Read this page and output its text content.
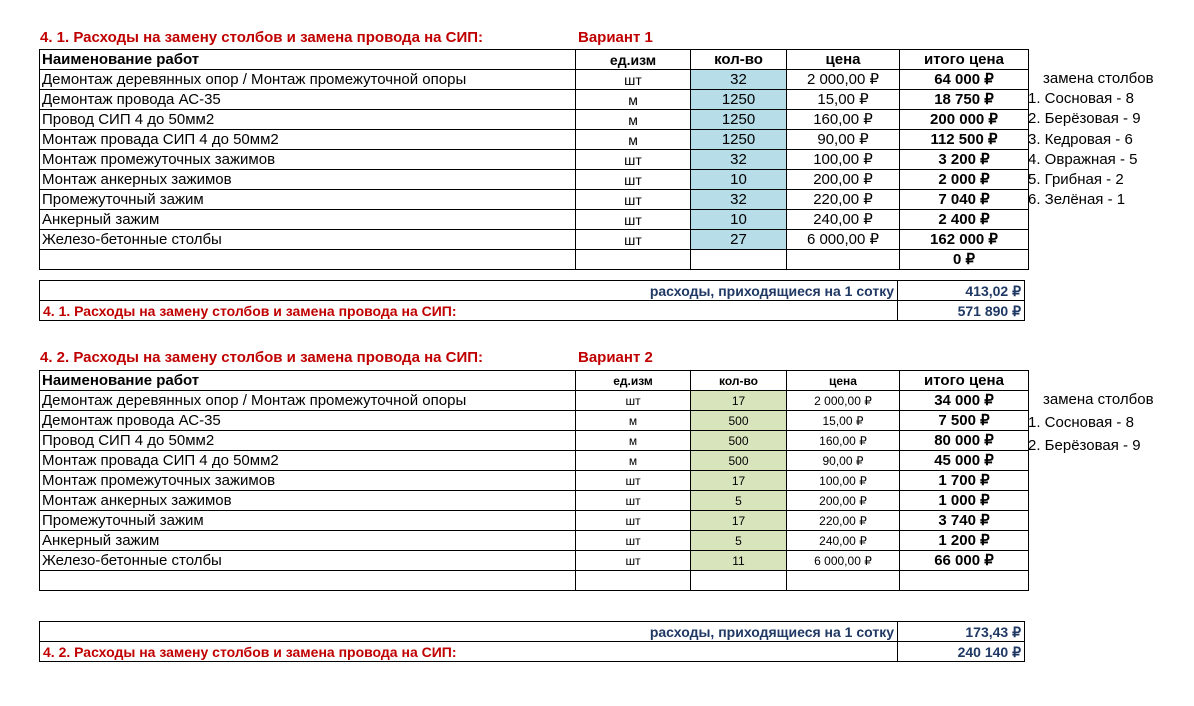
4. 1. Расходы на замену столбов и замена провода на СИП:	Вариант 1
Наименование работ	ед.изм	кол-во	цена	итого цена
Демонтаж деревянных опор / Монтаж промежуточной опоры	шт	32	2 000,00 ₽	64 000 ₽
Демонтаж провода АС-35	м	1250	15,00 ₽	18 750 ₽
Провод СИП 4 до 50мм2	м	1250	160,00 ₽	200 000 ₽
Монтаж провада СИП 4 до 50мм2	м	1250	90,00 ₽	112 500 ₽
Монтаж промежуточных зажимов	шт	32	100,00 ₽	3 200 ₽
Монтаж анкерных зажимов	шт	10	200,00 ₽	2 000 ₽
Промежуточный зажим	шт	32	220,00 ₽	7 040 ₽
Анкерный зажим	шт	10	240,00 ₽	2 400 ₽
Железо-бетонные столбы	шт	27	6 000,00 ₽	162 000 ₽
				0 ₽
замена столбов
1. Сосновая - 8
2. Берёзовая - 9
3. Кедровая - 6
4. Овражная - 5
5. Грибная - 2
6. Зелёная - 1
расходы, приходящиеся на 1 сотку	413,02 ₽
4. 1. Расходы на замену столбов и замена провода на СИП:	571 890 ₽
4. 2. Расходы на замену столбов и замена провода на СИП:	Вариант 2
Наименование работ	ед.изм	кол-во	цена	итого цена
Демонтаж деревянных опор / Монтаж промежуточной опоры	шт	17	2 000,00 ₽	34 000 ₽
Демонтаж провода АС-35	м	500	15,00 ₽	7 500 ₽
Провод СИП 4 до 50мм2	м	500	160,00 ₽	80 000 ₽
Монтаж провада СИП 4 до 50мм2	м	500	90,00 ₽	45 000 ₽
Монтаж промежуточных зажимов	шт	17	100,00 ₽	1 700 ₽
Монтаж анкерных зажимов	шт	5	200,00 ₽	1 000 ₽
Промежуточный зажим	шт	17	220,00 ₽	3 740 ₽
Анкерный зажим	шт	5	240,00 ₽	1 200 ₽
Железо-бетонные столбы	шт	11	6 000,00 ₽	66 000 ₽

замена столбов
1. Сосновая - 8
2. Берёзовая - 9
расходы, приходящиеся на 1 сотку	173,43 ₽
4. 2. Расходы на замену столбов и замена провода на СИП:	240 140 ₽
